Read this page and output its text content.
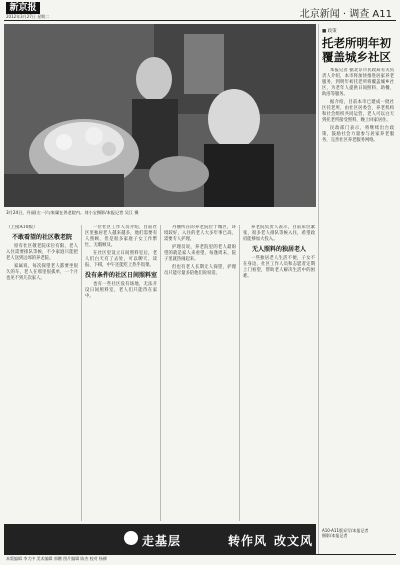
新京报
2012年3月27日 星期二	北京新闻 · 调查 A11
3月24日，丹丽(左一)与家属在养老院内。刘小宝摄影/本报记者 吴江 摄
（上接A10版）
不敢看望的社区敬老院

原有社区敬老院床位有限，老人入住需要排队等候，不少家庭只能把老人送到远郊的养老院。

家属说，每次探望老人都要坐很久的车，老人在那里很孤单，一个月也见不到几次家人。

一位社区工作人员介绍，目前社区里独居老人越来越多，他们需要有人照顾，但是很多家庭子女工作繁忙，无暇顾及。

在社区里设立日间照料室后，老人们白天有了去处，可以聊天、读报、下棋，中午还能吃上热乎饭菜。

没有条件的社区日间照料室

也有一些社区没有场地，无法开设日间照料室，老人们只能待在家中。

丹丽所在的养老院位于城区，环境较好，入住的老人大多年事已高，需要专人护理。

护理员说，养老院里的老人最盼望的就是家人来看望，每逢周末，院子里就热闹起来。

但也有老人长期无人探望，护理员只能尽量多陪他们说说话。

养老院负责人表示，目前床位紧张，很多老人排队等候入住，希望政府能够加大投入。

无人照料的独居老人

一些独居老人生活不便，子女不在身边，社区工作人员和志愿者定期上门看望，帮助老人解决生活中的困难。

■ 政策
托老所明年初覆盖城乡社区

本报记者 据北京市民政局有关负责人介绍，本市将加快推进居家养老服务，到明年初托老所将覆盖城乡社区，为老年人提供日间照料、助餐、助浴等服务。

据介绍，目前本市已建成一批社区托老所，由社区居委会、养老机构和社会组织共同运营，老人可以白天到托老所接受照料，晚上回家居住。

民政部门表示，将继续出台政策，鼓励社会力量参与居家养老服务，完善社区养老服务网络。

A10-A11版采写/本报记者
摄影/本报记者
走基层	转作风 改文风
本版编辑 李大中 美术编辑 郭鹏 图片编辑 陈杰 校对 杨柳
